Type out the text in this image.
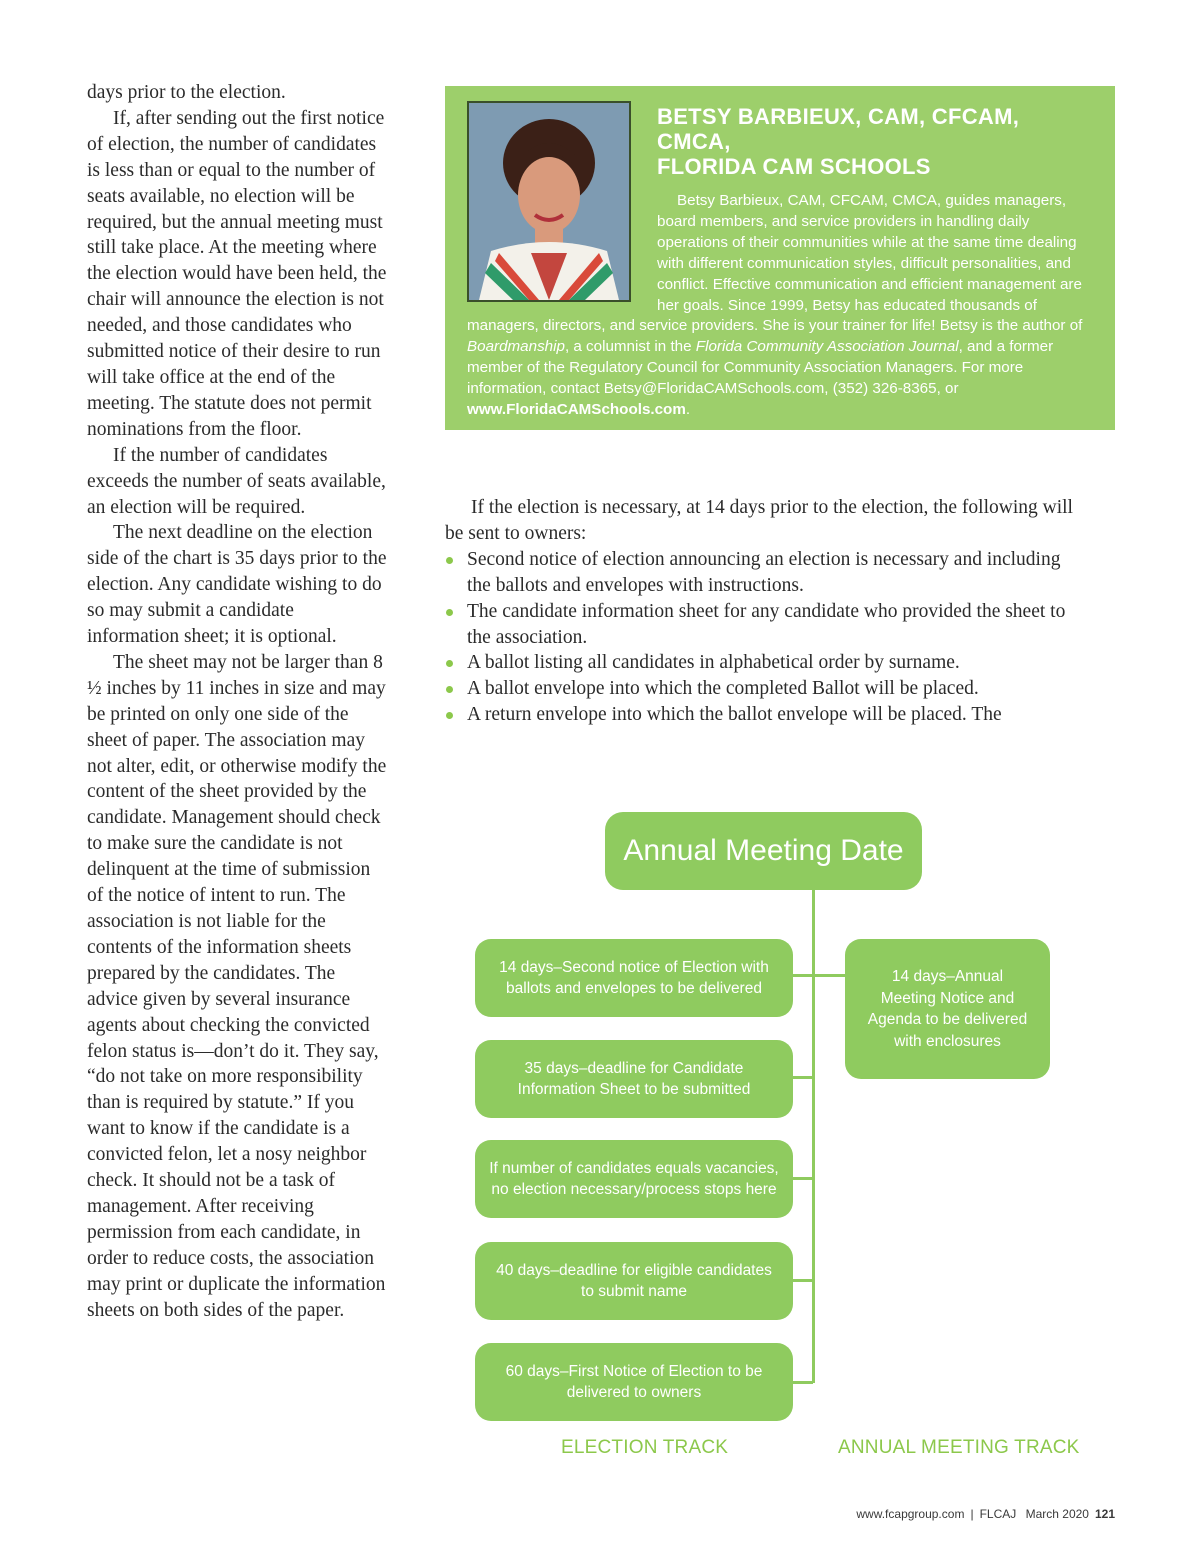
days prior to the election.

If, after sending out the first notice of election, the number of candidates is less than or equal to the number of seats available, no election will be required, but the annual meeting must still take place. At the meeting where the election would have been held, the chair will announce the election is not needed, and those candidates who submitted notice of their desire to run will take office at the end of the meeting. The statute does not permit nominations from the floor.

If the number of candidates exceeds the number of seats available, an election will be required.

The next deadline on the election side of the chart is 35 days prior to the election. Any candidate wishing to do so may submit a candidate information sheet; it is optional.

The sheet may not be larger than 8 ½ inches by 11 inches in size and may be printed on only one side of the sheet of paper. The association may not alter, edit, or otherwise modify the content of the sheet provided by the candidate. Management should check to make sure the candidate is not delinquent at the time of submission of the notice of intent to run. The association is not liable for the contents of the information sheets prepared by the candidates. The advice given by several insurance agents about checking the convicted felon status is—don’t do it. They say, “do not take on more responsibility than is required by statute.” If you want to know if the candidate is a convicted felon, let a nosy neighbor check. It should not be a task of management. After receiving permission from each candidate, in order to reduce costs, the association may print or duplicate the information sheets on both sides of the paper.

BETSY BARBIEUX, CAM, CFCAM, CMCA,
FLORIDA CAM SCHOOLS

Betsy Barbieux, CAM, CFCAM, CMCA, guides managers, board members, and service providers in handling daily operations of their communities while at the same time dealing with different communication styles, difficult personalities, and conflict. Effective communication and efficient management are her goals. Since 1999, Betsy has educated thousands of managers, directors, and service providers. She is your trainer for life! Betsy is the author of Boardmanship, a columnist in the Florida Community Association Journal, and a former member of the Regulatory Council for Community Association Managers. For more information, contact Betsy@FloridaCAMSchools.com, (352) 326-8365, or www.FloridaCAMSchools.com.

If the election is necessary, at 14 days prior to the election, the following will be sent to owners:

Second notice of election announcing an election is necessary and including the ballots and envelopes with instructions.
The candidate information sheet for any candidate who provided the sheet to the association.
A ballot listing all candidates in alphabetical order by surname.
A ballot envelope into which the completed Ballot will be placed.
A return envelope into which the ballot envelope will be placed. The
Annual Meeting Date
14 days–Second notice of Election with ballots and envelopes to be delivered
35 days–deadline for Candidate Information Sheet to be submitted
If number of candidates equals vacancies, no election necessary/process stops here
40 days–deadline for eligible candidates to submit name
60 days–First Notice of Election to be delivered to owners
14 days–Annual Meeting Notice and Agenda to be delivered with enclosures
ELECTION TRACK	ANNUAL MEETING TRACK
www.fcapgroup.com | FLCAJ March 2020 121
